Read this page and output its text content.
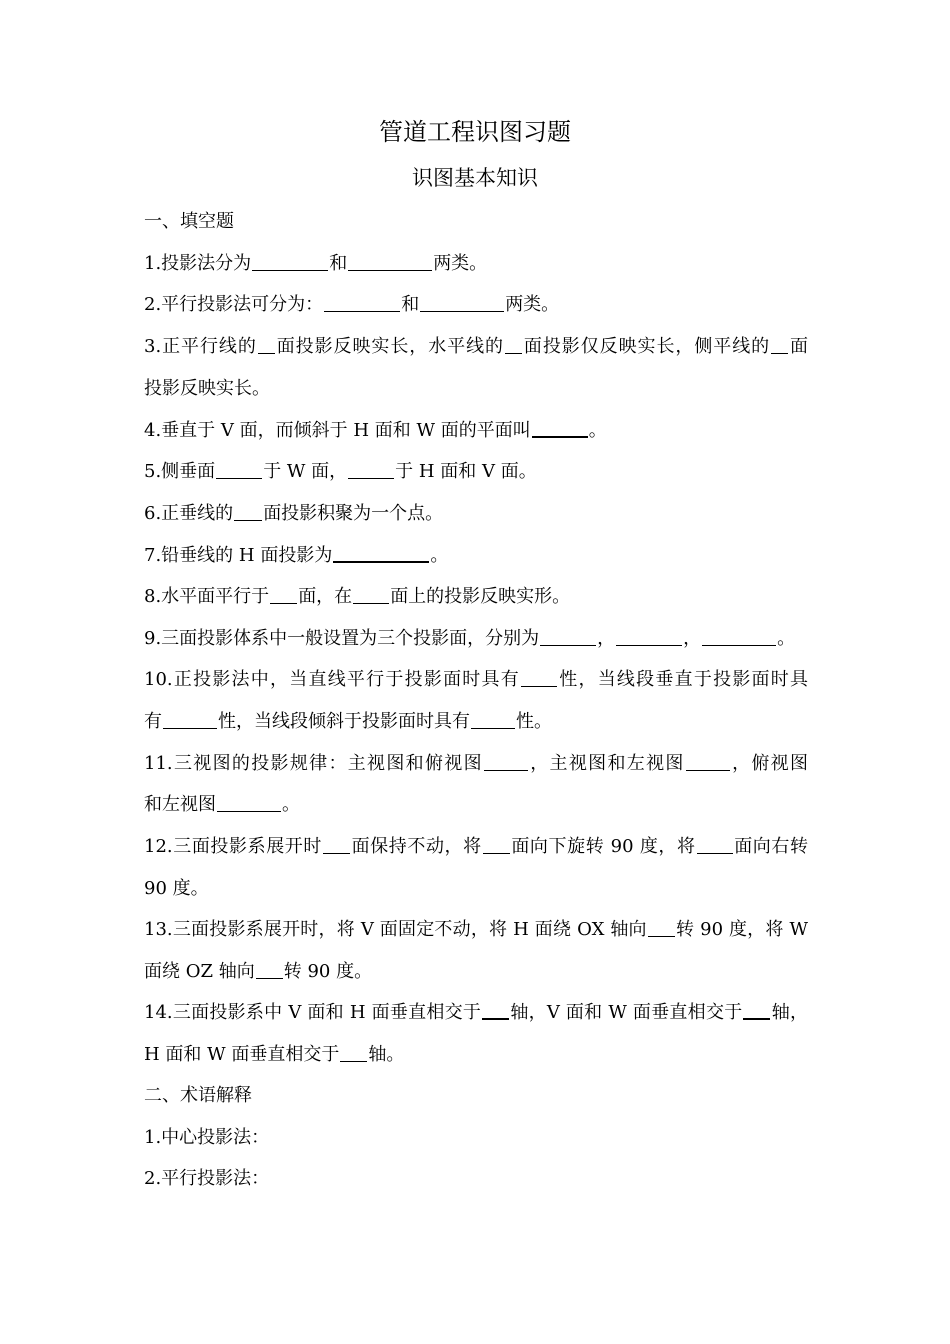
管道工程识图习题
识图基本知识
一、填空题
1.投影法分为	和	两类。
2.平行投影法可分为：	和	两类。
3.正平行线的 面投影反映实长，水平线的 面投影仅反映实长，侧平线的 面
投影反映实长。
4.垂直于 V 面，而倾斜于 H 面和 W 面的平面叫	。
5.侧垂面	于 W 面，	于 H 面和 V 面。
6.正垂线的 面投影积聚为一个点。
7.铅垂线的 H 面投影为	。
8.水平面平行于 面，在 面上的投影反映实形。
9.三面投影体系中一般设置为三个投影面，分别为	，	，	。
10.正投影法中，当直线平行于投影面时具有 性，当线段垂直于投影面时具
有	性，当线段倾斜于投影面时具有	性。
11.三视图的投影规律：主视图和俯视图	，主视图和左视图	，俯视图
和左视图	。
12.三面投影系展开时 面保持不动，将 面向下旋转 90 度，将 面向右转
90 度。
13.三面投影系展开时，将 V 面固定不动，将 H 面绕 OX 轴向 转 90 度，将 W
面绕 OZ 轴向 转 90 度。
14.三面投影系中 V 面和 H 面垂直相交于 轴，V 面和 W 面垂直相交于 轴，
H 面和 W 面垂直相交于 轴。
二、术语解释
1.中心投影法：
2.平行投影法：
